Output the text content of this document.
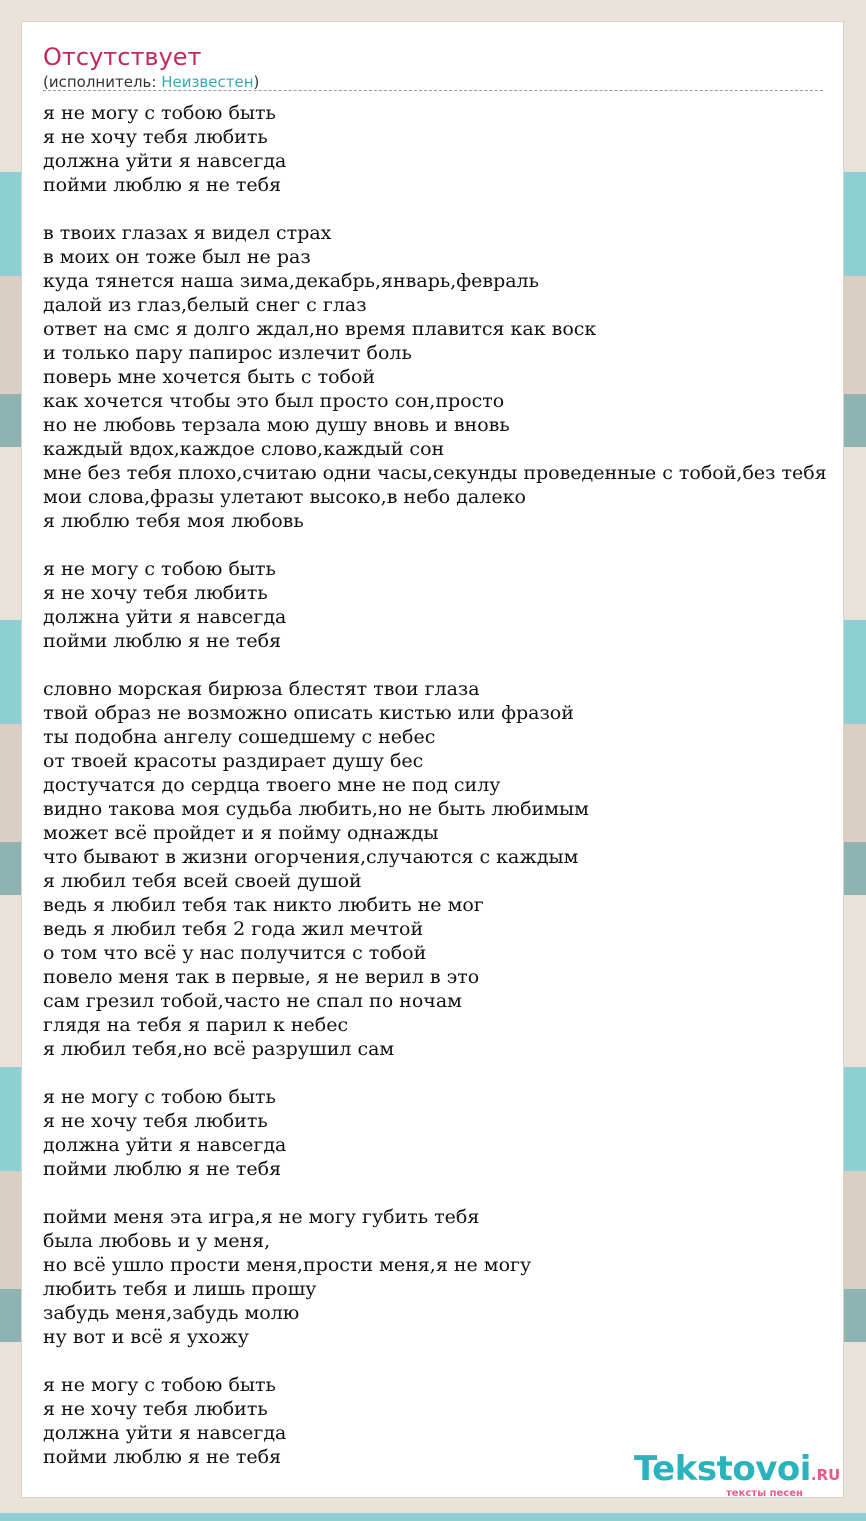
Отсутствует
(исполнитель: Неизвестен)
я не могу с тобою быть
я не хочу тебя любить
должна уйти я навсегда
пойми люблю я не тебя
в твоих глазах я видел страх
в моих он тоже был не раз
куда тянется наша зима,декабрь,январь,февраль
далой из глаз,белый снег с глаз
ответ на смс я долго ждал,но время плавится как воск
и только пару папирос излечит боль
поверь мне хочется быть с тобой
как хочется чтобы это был просто сон,просто
но не любовь терзала мою душу вновь и вновь
каждый вдох,каждое слово,каждый сон
мне без тебя плохо,считаю одни часы,секунды проведенные с тобой,без тебя
мои слова,фразы улетают высоко,в небо далеко
я люблю тебя моя любовь
я не могу с тобою быть
я не хочу тебя любить
должна уйти я навсегда
пойми люблю я не тебя
словно морская бирюза блестят твои глаза
твой образ не возможно описать кистью или фразой
ты подобна ангелу сошедшему с небес
от твоей красоты раздирает душу бес
достучатся до сердца твоего мне не под силу
видно такова моя судьба любить,но не быть любимым
может всё пройдет и я пойму однажды
что бывают в жизни огорчения,случаются с каждым
я любил тебя всей своей душой
ведь я любил тебя так никто любить не мог
ведь я любил тебя 2 года жил мечтой
о том что всё у нас получится с тобой
повело меня так в первые, я не верил в это
сам грезил тобой,часто не спал по ночам
глядя на тебя я парил к небес
я любил тебя,но всё разрушил сам
я не могу с тобою быть
я не хочу тебя любить
должна уйти я навсегда
пойми люблю я не тебя
пойми меня эта игра,я не могу губить тебя
была любовь и у меня,
но всё ушло прости меня,прости меня,я не могу
любить тебя и лишь прошу
забудь меня,забудь молю
ну вот и всё я ухожу
я не могу с тобою быть
я не хочу тебя любить
должна уйти я навсегда
пойми люблю я не тебя	Tekstovoi.RU
тексты песен
